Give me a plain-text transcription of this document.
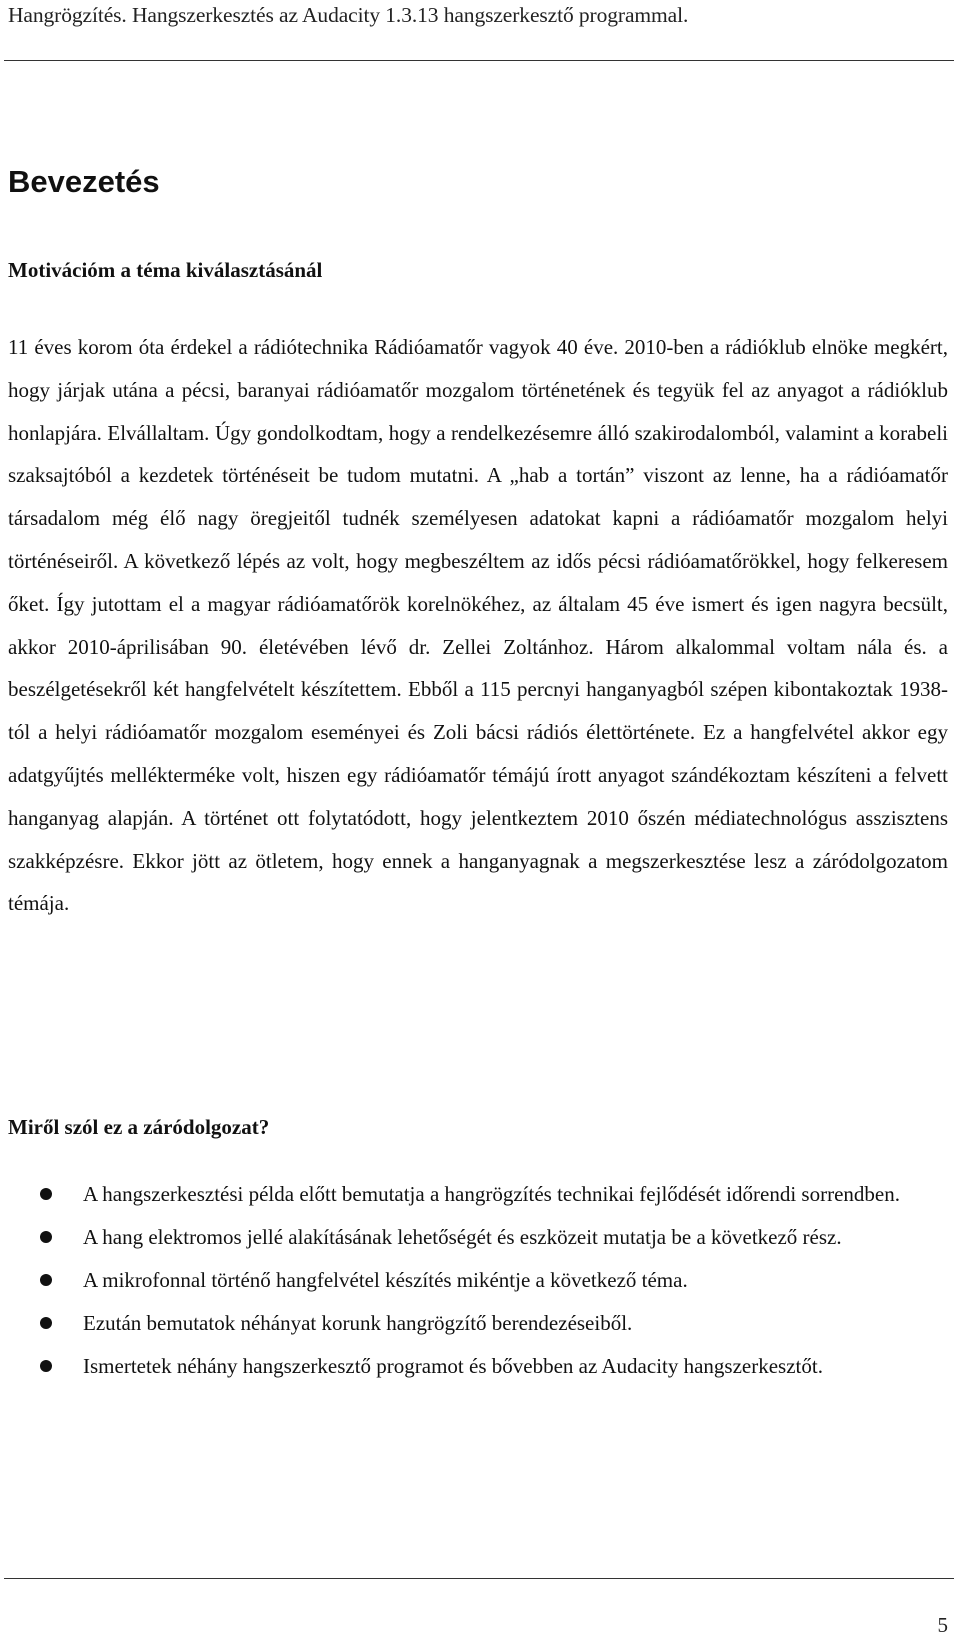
Hangrögzítés. Hangszerkesztés az Audacity 1.3.13 hangszerkesztő programmal.
Bevezetés
Motivációm a téma kiválasztásánál

11 éves korom óta érdekel a rádiótechnika Rádióamatőr vagyok 40 éve. 2010-ben a rádióklub elnöke megkért, hogy járjak utána a pécsi, baranyai rádióamatőr mozgalom történetének és tegyük fel az anyagot a rádióklub honlapjára. Elvállaltam. Úgy gondolkodtam, hogy a rendelkezésemre álló szakirodalomból, valamint a korabeli szaksajtóból a kezdetek történéseit be tudom mutatni. A „hab a tortán” viszont az lenne, ha a rádióamatőr társadalom még élő nagy öregjeitől tudnék személyesen adatokat kapni a rádióamatőr mozgalom helyi történéseiről. A következő lépés az volt, hogy megbeszéltem az idős pécsi rádióamatőrökkel, hogy felkeresem őket. Így jutottam el a magyar rádióamatőrök korelnökéhez, az általam 45 éve ismert és igen nagyra becsült, akkor 2010-áprilisában 90. életévében lévő dr. Zellei Zoltánhoz. Három alkalommal voltam nála és. a beszélgetésekről két hangfelvételt készítettem. Ebből a 115 percnyi hanganyagból szépen kibontakoztak 1938-tól a helyi rádióamatőr mozgalom eseményei és Zoli bácsi rádiós élettörténete. Ez a hangfelvétel akkor egy adatgyűjtés mellékterméke volt, hiszen egy rádióamatőr témájú írott anyagot szándékoztam készíteni a felvett hanganyag alapján. A történet ott folytatódott, hogy jelentkeztem 2010 őszén médiatechnológus asszisztens szakképzésre. Ekkor jött az ötletem, hogy ennek a hanganyagnak a megszerkesztése lesz a záródolgozatom témája.

Miről szól ez a záródolgozat?
A hangszerkesztési példa előtt bemutatja a hangrögzítés technikai fejlődését időrendi sorrendben.
A hang elektromos jellé alakításának lehetőségét és eszközeit mutatja be a következő rész.
A mikrofonnal történő hangfelvétel készítés mikéntje a következő téma.
Ezután bemutatok néhányat korunk hangrögzítő berendezéseiből.
Ismertetek néhány hangszerkesztő programot és bővebben az Audacity hangszerkesztőt.
5
